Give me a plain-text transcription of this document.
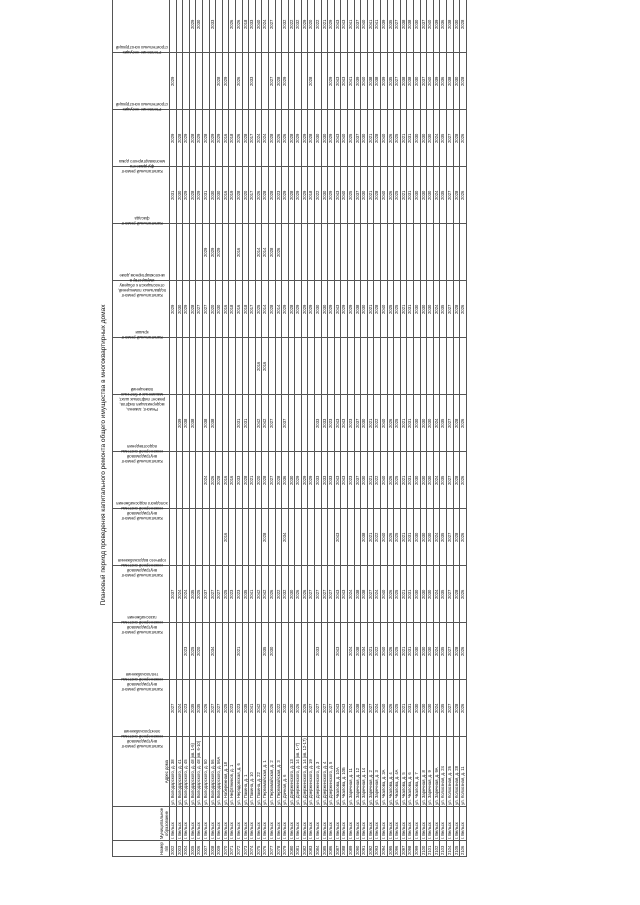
Плановый период проведения капитального ремонта общего имущества в многоквартирных домах
Номер п/п	Муниципальное образование	Адрес дома	Капитальный ремонт внутридомовой инженерной системы электроснабжения	Капитальный ремонт внутридомовой инженерной системы теплоснабжения	Капитальный ремонт внутридомовой инженерной системы газоснабжения	Капитальный ремонт внутридомовой инженерной системы горячего водоснабжения	Капитальный ремонт внутридомовой инженерной системы холодного водоснабжения	Капитальный ремонт внутридомовой инженерной системы водоотведения	Ремонт, замена, модернизация лифтов, ремонт лифтовых шахт, машинных и блочных помещений	Капитальный ремонт крыши	Капитальный ремонт подвальных помещений, относящихся к общему имуществу в многоквартирном доме	Капитальный ремонт фасада	Капитальный ремонт фундамента многоквартирного дома	Утепление несущих строительных конструкций	Утепление несущих строительных конструкций

2002	г. Вельск	ул. Володарского, д. 38	2027		2037					2029		2031	2029	2029				
2003	г. Вельск	ул. Володарского, д. 41	2024		2024			2039		2030		2030	2028					
2004	г. Вельск	ул. Володарского, д. 45	2023	2023	2024			2038		2029		2029	2029					
2005	г. Вельск	ул. Володарского, д. 48 (кв. 1-5)	2035	2025	2035			2038		2028		2028	2028		2029			
2006	г. Вельск	ул. Володарского, д. 48 (кв. 6-10)	2035	2020	2025					2027		2029	2029		2030			
2007	г. Вельск	ул. Володарского, д. 50	2026		2037		2024	2038		2027	2029	2031	2028					
2008	г. Вельск	ул. Володарского, д. 56	2027	2034	2027		2026	2038		2020	2029	2030	2029		2033			
2009	г. Вельск	ул. Володарского, д. 56А	2027		2027		2028			2030	2029	2030	2029	2028				
2070	г. Вельск	ул. Набережная, д. 18	2025		2025	2016	2016			2016		2016	2016	2029				
2071	г. Вельск	ул. Нефтяников, д. 1	2023		2023		2016			2018		2019	2018		2026			
2072	г. Вельск	ул. Нерадовская, д. 6	2023	2021	2023		2033	2031		2016	2016	2028	2026	2026	2026			
2073	г. Вельск	ул. Пакина, д. 1	2035		2035		2028	2031		2018		2020	2028		2018			
2074	г. Вельск	ул. Пакина, д. 10	2041		2041		2021			2017		2017	2017	2033	2033			
2075	г. Вельск	ул. Пакина, д. 22	2042		2042		2020	2042	2016	2025	2014	2026	2024		2040			
2076	г. Вельск	ул. Первомайская, д. 1	2042	2035	2042	2028	2028	2042	2016	2014	2014	2028	2024		2024			
2077	г. Вельск	ул. Первомайская, д. 2	2026	2030	2026		2027	2027		2028	2028	2028	2028	2027	2027			
2078	г. Вельск	ул. Первомайская, д. 3	2022		2022		2028			2014	2026	2023	2026	2028				
2079	г. Вельск	ул. Дачная, д. 6	2032		2032	2034	2036	2037		2029		2029	2026	2029	2032			
2080	г. Вельск	ул. Дзержинского, д. 13	2030		2030		2030			2028		2028	2028		2022			
2081	г. Вельск	ул. Дзержинского, д. 14 (кв. 1-7)	2026		2026		2029			2029		2029	2029		2032			
2082	г. Вельск	ул. Дзержинского, д. 14 (кв. 12-17)	2026		2026		2029			2029		2029	2029		2029			
2083	г. Вельск	ул. Дзержинского, д. 19	2027		2027		2029			2029		2018	2028	2028	2020			
2084	г. Вельск	ул. Дзержинского, д. 3	2027	2033	2027		2033	2033		2030		2022	2030		2022			
2085	г. Вельск	ул. Дзержинского, д. 4	2027		2027		2033	2033		2030		2030	2030		2021			
2086	г. Вельск	ул. Дзержинского, д. 5	2027		2027		2033	2023		2029		2029	2029	2029	2029			
2087	г. Вельск	ул. Чкалова, д. 10А	2043	2043	2043	2043	2043	2043		2043		2043	2043	2043	2043			
2088	г. Вельск	ул. Чкалова, д. 10Б	2043		2043		2043	2043		2029		2040	2040	2043	2043			
2089	г. Вельск	ул. Заречная, д. 11	2024	2024	2024		2023	2023		2029		2025	2025	2041	2041			
2090	г. Вельск	ул. Заречная, д. 12	2038	2038	2038		2037	2037		2038		2037	2037	2039	2037			
2091	г. Вельск	ул. Заречная, д. 14	2038	2034	2038	2038	2030	2030		2030		2030	2030	2040	2040			
2092	г. Вельск	ул. Заречная, д. 2	2027	2021	2027	2021	2021	2021		2021		2021	2021	2038	2041			
2093	г. Вельск	ул. Заречная, д. 3	2024	2022	2024	2022	2022	2022		2028		2028	2028	2038	2041			
2094	г. Вельск	ул. Чкалова, д. 3А	2040	2040	2040	2040	2040	2040		2040		2040	2040	2039	2039			
2095	г. Вельск	ул. Чкалова, д. 4	2026	2026	2026	2026	2026	2026		2025		2026	2026	2035	2035			
2096	г. Вельск	ул. Чкалова, д. 4А	2025	2025	2025	2025	2025	2025		2025		2025	2025	2027	2027			
2097	г. Вельск	ул. Чкалова, д. 5	2021	2021	2021	2021	2021	2021		2021		2021	2021	2038	2038			
2098	г. Вельск	ул. Чкалова, д. 6	2031	2031	2031	2031	2031	2031		2031		2031	2031	2038	2038			
2099	г. Вельск	ул. Чкалова, д. 7	2030	2030	2030	2030	2030	2030		2030		2030	2030	2030	2030			
2100	г. Вельск	ул. Заречная, д. 8	2030	2030	2030	2030	2030	2030		2030		2030	2030	2037	2037			
2101	г. Вельск	ул. Заречная, д. 9	2030	2030	2030	2030	2030	2030		2030		2030	2030	2040	2040			
2102	г. Вельск	ул. Заречная, д. 9А	2024	2024	2024	2024	2024	2024		2024		2024	2024	2039	2039			
2103	г. Вельск	ул. Колхозная, д. 24	2035	2035	2035	2035	2035	2035		2035		2035	2035	2036	2036			
2104	г. Вельск	ул. Колхозная, д. 26	2027	2027	2027	2027	2027	2027		2027		2027	2027	2038	2038			
2105	г. Вельск	ул. Колхозная, д. 28	2028	2028	2028	2028	2028	2028		2028		2028	2028	2030	2030			
2106	г. Вельск	ул. Колхозная, д. 11	2026	2026	2026	2026	2026	2026		2026		2026	2026	2028	2028			
